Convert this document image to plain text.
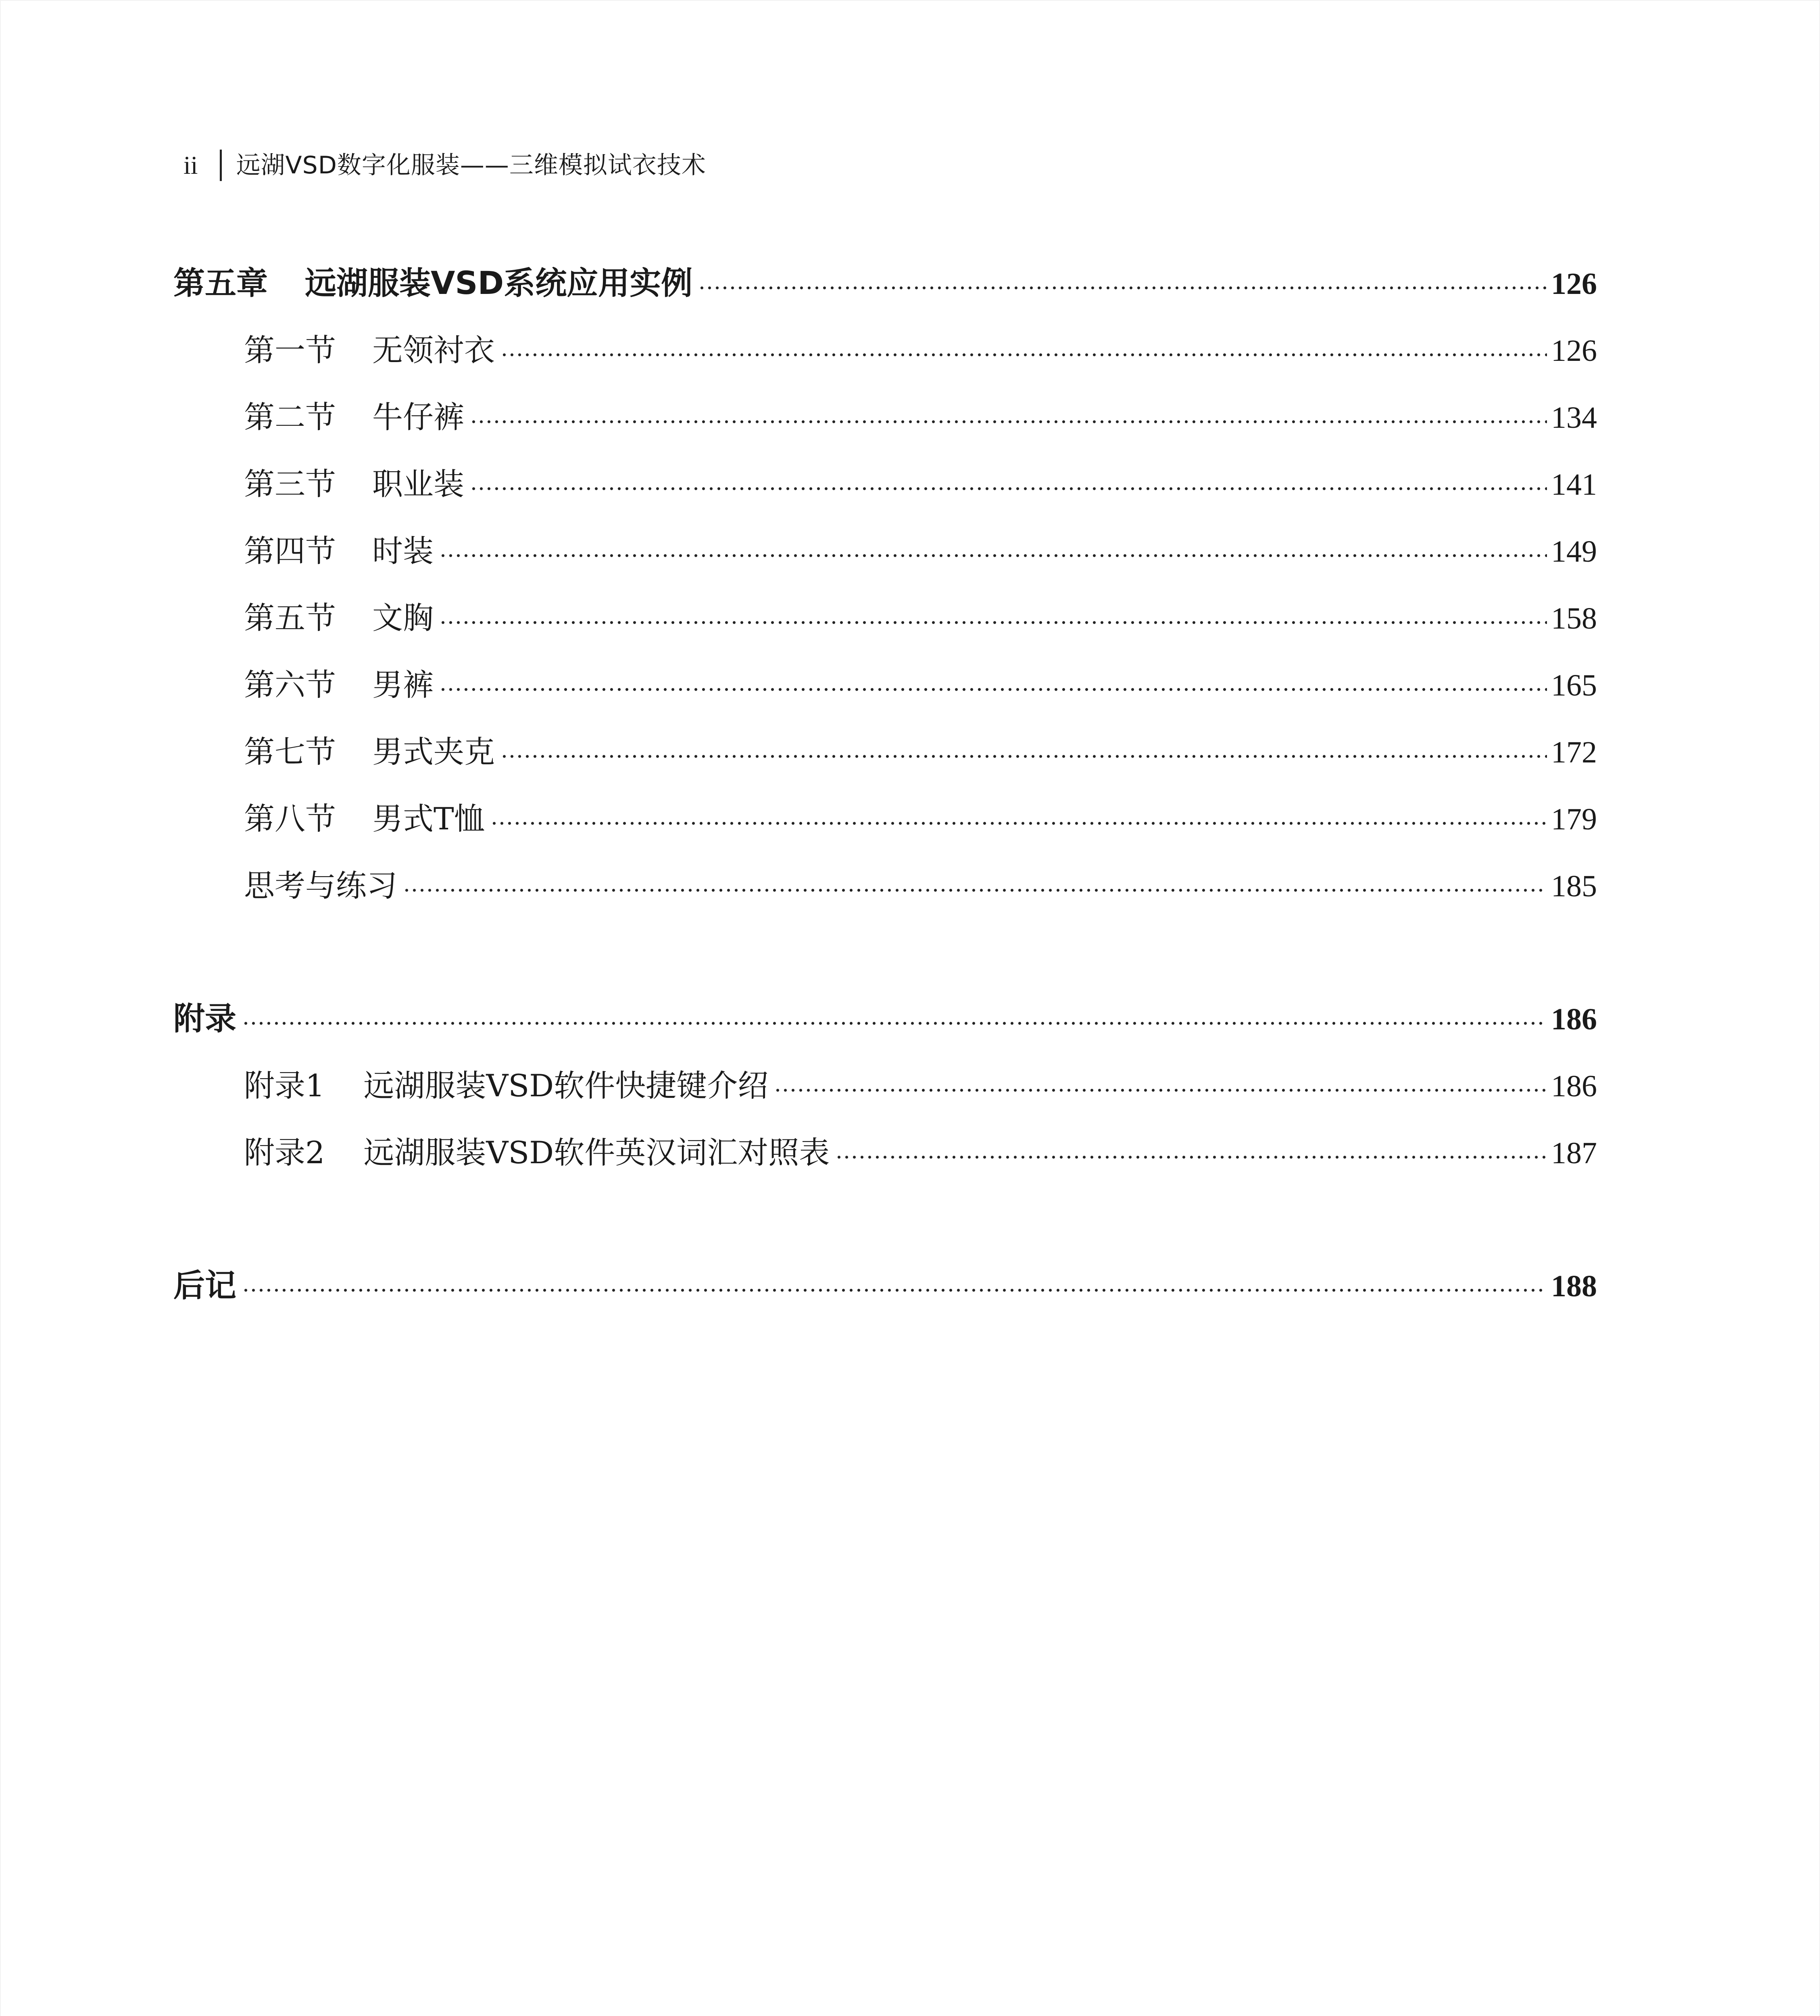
ii 远湖VSD数字化服装——三维模拟试衣技术
第五章 远湖服装VSD系统应用实例	126
第一节 无领衬衣	126
第二节 牛仔裤	134
第三节 职业装	141
第四节 时装	149
第五节 文胸	158
第六节 男裤	165
第七节 男式夹克	172
第八节 男式T恤	179
思考与练习	185
附录	186
附录1 远湖服装VSD软件快捷键介绍	186
附录2 远湖服装VSD软件英汉词汇对照表	187
后记	188
